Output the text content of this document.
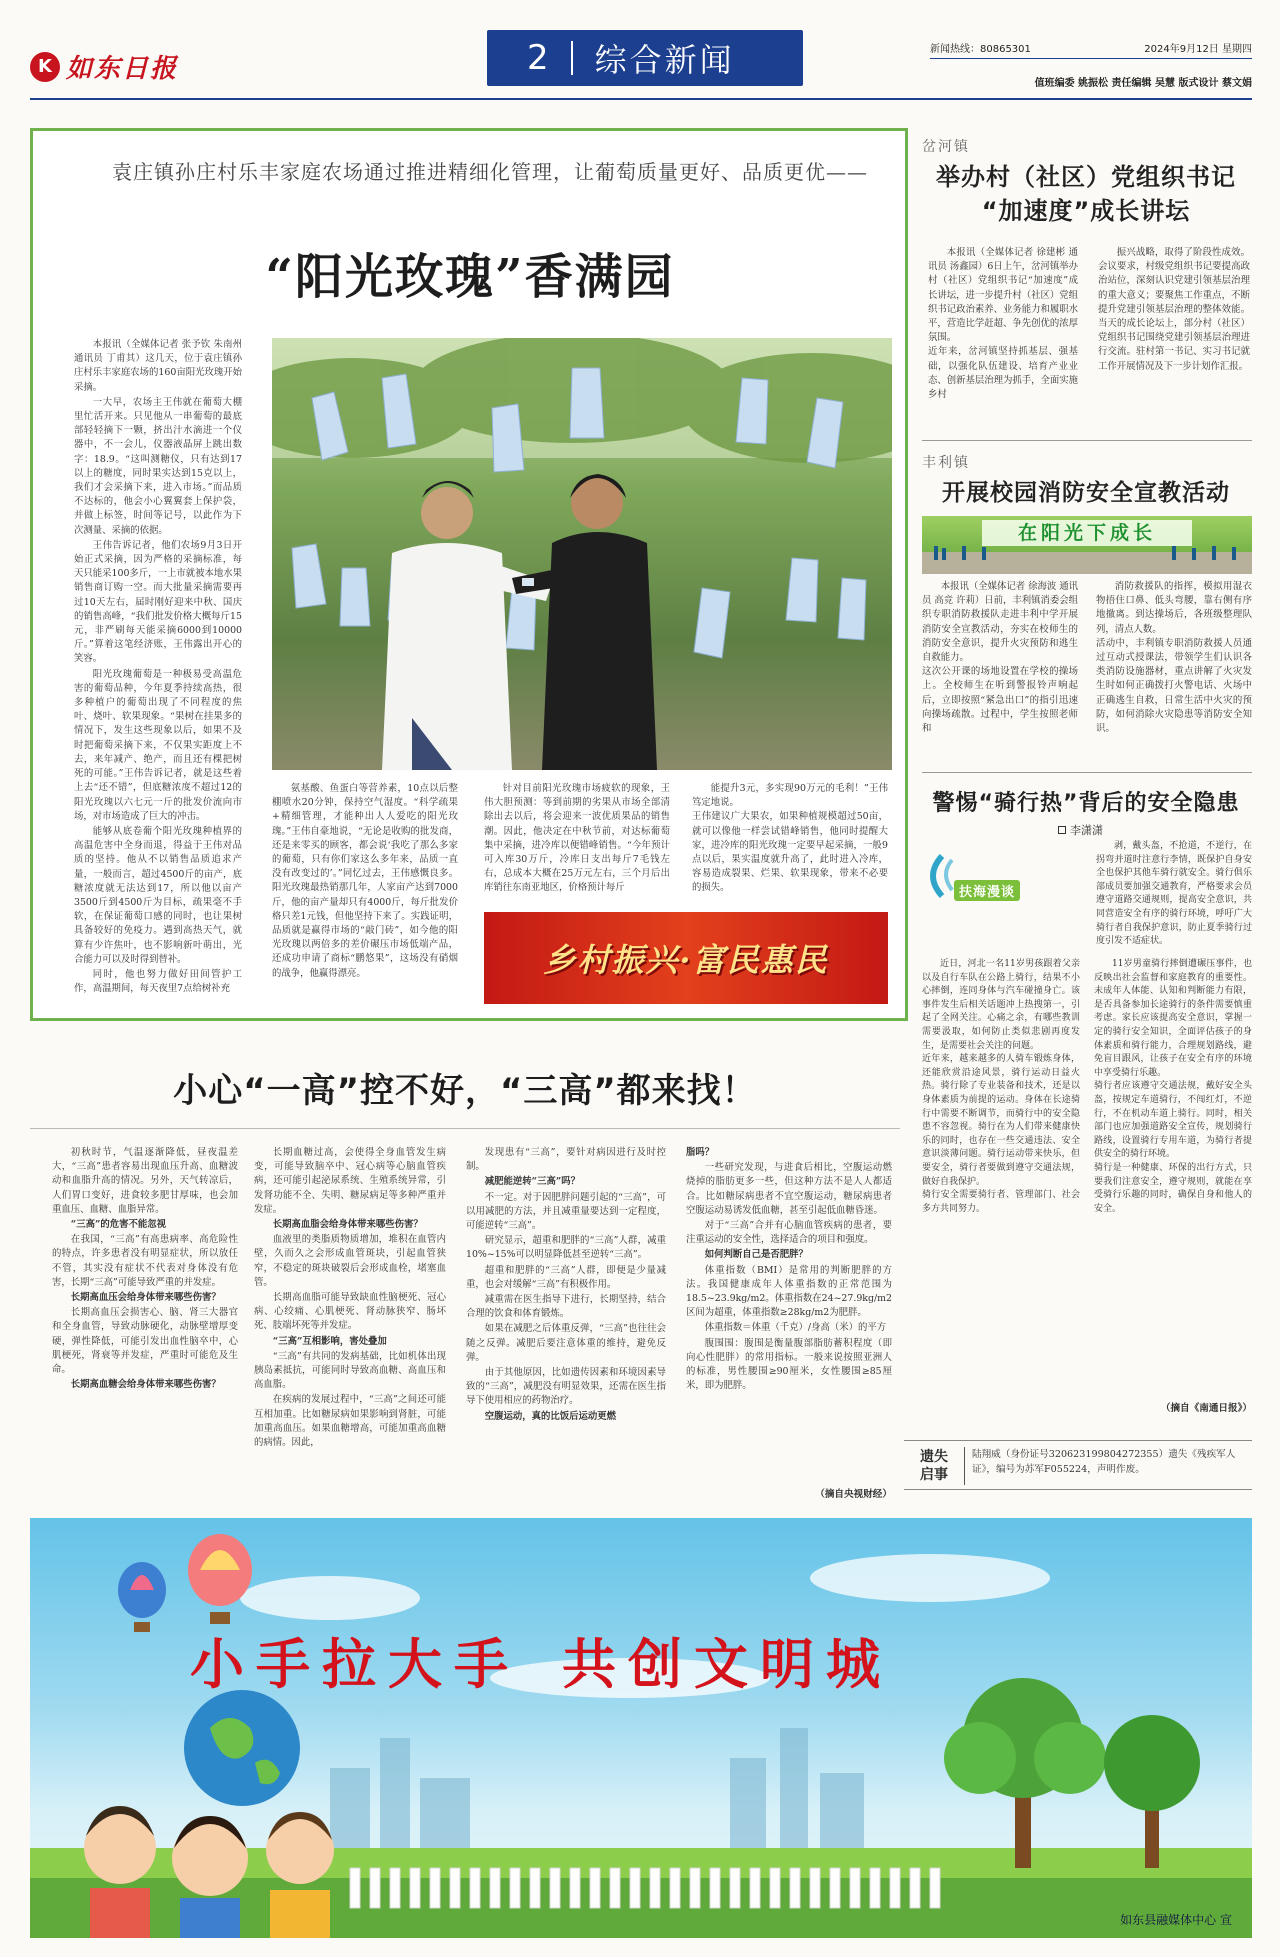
K 如东日报	2 综合新闻	新闻热线：80865301	2024年9月12日 星期四
值班编委 姚振松 责任编辑 吴慧 版式设计 蔡文娟
袁庄镇孙庄村乐丰家庭农场通过推进精细化管理，让葡萄质量更好、品质更优——
“阳光玫瑰”香满园

本报讯（全媒体记者 张予钦 朱南州 通讯员 丁甫其）这几天，位于袁庄镇孙庄村乐丰家庭农场的160亩阳光玫瑰开始采摘。

一大早，农场主王伟就在葡萄大棚里忙活开来。只见他从一串葡萄的最底部轻轻摘下一颗，挤出汁水滴进一个仪器中，不一会儿，仪器液晶屏上跳出数字：18.9。“这叫测糖仪，只有达到17以上的糖度，同时果实达到15克以上，我们才会采摘下来，进入市场。”而品质不达标的，他会小心翼翼套上保护袋，并做上标签，时间等记号，以此作为下次测量、采摘的依据。

王伟告诉记者，他们农场9月3日开始正式采摘，因为严格的采摘标准，每天只能采100多斤，一上市就被本地水果销售商订购一空。而大批量采摘需要再过10天左右，届时刚好迎来中秋、国庆的销售高峰，“我们批发价格大概每斤15元，非严刷每天能采摘6000到10000斤。”算着这笔经济账，王伟露出开心的笑容。

阳光玫瑰葡萄是一种极易受高温危害的葡萄品种，今年夏季持续高热，很多种植户的葡萄出现了不同程度的焦叶、烧叶、软果现象。“果树在挂果多的情况下，发生这些现象以后，如果不及时把葡萄采摘下来，不仅果实距度上不去，来年减产、绝产，而且还有棵把树死的可能。”王伟告诉记者，就是这些着上去“还不错”，但底糖浓度不超过12的阳光玫瑰以六七元一斤的批发价流向市场，对市场造成了巨大的冲击。

能够从底卷葡个阳光玫瑰种植界的高温危害中全身而退，得益于王伟对品质的坚持。他从不以销售品质追求产量，一般而言，超过4500斤的亩产，底糖浓度就无法达到17，所以他以亩产3500斤到4500斤为目标，疏果毫不手软，在保证葡萄口感的同时，也让果树具备较好的免疫力。遇到高热天气，就算有少许焦叶，也不影响新叶萌出，光合能力可以及时得到替补。

同时，他也努力做好田间管护工作，高温期间，每天夜里7点给树补充

氨基酸、鱼蛋白等营养素，10点以后整棚喷水20分钟，保持空气湿度。“科学疏果+精细管理，才能种出人人爱吃的阳光玫瑰。”王伟自豪地说，“无论是收购的批发商，还是来零买的顾客，都会说‘我吃了那么多家的葡萄，只有你们家这么多年来，品质一直没有改变过的’。”同忆过去，王伟感慨良多。阳光玫瑰最热销那几年，人家亩产达到7000斤，他的亩产量却只有4000斤，每斤批发价格只差1元钱，但他坚持下来了。实践证明，品质就是赢得市场的“敲门砖”，如今他的阳光玫瑰以两倍多的差价碾压市场低端产品，还成功申请了商标“鹏悠果”，这场没有硝烟的战争，他赢得漂亮。
针对目前阳光玫瑰市场疲软的现象，王伟大胆预测：等到前期的劣果从市场全部清除出去以后，将会迎来一波优质果品的销售潮。因此，他决定在中秋节前，对达标葡萄集中采摘，进冷库以便错峰销售。“今年预计可入库30万斤，冷库日支出每斤7毛钱左右，总成本大概在25万元左右，三个月后出库销往东南亚地区，价格预计每斤
能提升3元，多实现90万元的毛利！”王伟笃定地说。
王伟建议广大果农，如果种植规模超过50亩，就可以像他一样尝试错峰销售，他同时提醒大家，进冷库的阳光玫瑰一定要早起采摘，一般9点以后，果实温度就升高了，此时进入冷库，容易造成裂果、烂果、软果现象，带来不必要的损失。
乡村振兴·富民惠民
岔河镇
举办村（社区）党组织书记
“加速度”成长讲坛
本报讯（全媒体记者 徐建彬 通讯员 汤鑫园）6日上午，岔河镇举办村（社区）党组织书记“加速度”成长讲坛，进一步提升村（社区）党组织书记政治素养、业务能力和履职水平，营造比学赶超、争先创优的浓厚氛围。
近年来，岔河镇坚持抓基层、强基础，以强化队伍建设、培育产业业态、创新基层治理为抓手，全面实施乡村
振兴战略，取得了阶段性成效。会议要求，村级党组织书记要提高政治站位，深刻认识党建引领基层治理的重大意义；要聚焦工作重点，不断提升党建引领基层治理的整体效能。当天的成长论坛上，部分村（社区）党组织书记围绕党建引领基层治理进行交流。驻村第一书记、实习书记就工作开展情况及下一步计划作汇报。
丰利镇
开展校园消防安全宣教活动
在阳光下成长
本报讯（全媒体记者 徐海波 通讯员 高竞 许莉）日前，丰利镇消委会组织专职消防救援队走进丰利中学开展消防安全宣教活动，夯实在校师生的消防安全意识，提升火灾预防和逃生自救能力。
这次公开课的场地设置在学校的操场上。全校师生在听到警报铃声响起后，立即按照“紧急出口”的指引迅速向操场疏散。过程中，学生按照老师和
消防救援队的指挥，模拟用湿衣物捂住口鼻、低头弯腰，靠右侧有序地撤离。到达操场后，各班级整理队列，清点人数。
活动中，丰利镇专职消防救援人员通过互动式授课法，带领学生们认识各类消防设施器材，重点讲解了火灾发生时如何正确拨打火警电话、火场中正确逃生自救，日常生活中火灾的预防，如何消除火灾隐患等消防安全知识。
警惕“骑行热”背后的安全隐患
李潇潇
扶海漫谈
剥，戴头盔，不抢道，不逆行，在拐弯并道时注意行李情，既保护自身安全也保护其他车骑行就安全。骑行俱乐部成员要加强交通教育，严格要求会员遵守道路交通规则，提高安全意识，共同营造安全有序的骑行环境，呼吁广大骑行者自我保护意识，防止夏季骑行过度引发不适症状。
近日，河北一名11岁男孩跟着父亲以及自行车队在公路上骑行，结果不小心摔倒，连同身体与汽车碰撞身亡。该事件发生后相关话题冲上热搜第一，引起了全网关注。心痛之余，有哪些教训需要汲取，如何防止类似悲剧再度发生，是需要社会关注的问题。
近年来，越来越多的人骑车锻炼身体，还能欣赏沿途风景，骑行运动日益火热。骑行除了专业装备和技术，还是以身体素质为前提的运动。身体在长途骑行中需要不断调节，而骑行中的安全隐患不容忽视。骑行在为人们带来健康快乐的同时，也存在一些交通违法、安全意识淡薄问题。骑行运动带来快乐，但要安全，骑行者要做到遵守交通法规，做好自我保护。
骑行安全需要骑行者、管理部门、社会多方共同努力。
11岁男童骑行摔倒遭碾压事件，也反映出社会监督和家庭教育的重要性。未成年人体能、认知和判断能力有限，是否具备参加长途骑行的条件需要慎重考虑。家长应该提高安全意识，掌握一定的骑行安全知识，全面评估孩子的身体素质和骑行能力，合理规划路线，避免盲目跟风，让孩子在安全有序的环境中享受骑行乐趣。
骑行者应该遵守交通法规，戴好安全头盔，按规定车道骑行，不闯红灯，不逆行，不在机动车道上骑行。同时，相关部门也应加强道路安全宣传，规划骑行路线，设置骑行专用车道，为骑行者提供安全的骑行环境。
骑行是一种健康、环保的出行方式，只要我们注意安全，遵守规则，就能在享受骑行乐趣的同时，确保自身和他人的安全。
（摘自《南通日报》）
遗失
启事
陆翔威（身份证号320623199804272355）遗失《残疾军人证》，编号为苏军F055224，声明作废。
小心“一高”控不好，“三高”都来找！

初秋时节，气温逐渐降低，昼夜温差大，“三高”患者容易出现血压升高、血糖波动和血脂升高的情况。另外，天气转凉后，人们胃口变好，进食较多肥甘厚味，也会加重血压、血糖、血脂异常。

“三高”的危害不能忽视

在我国，“三高”有高患病率、高危险性的特点，许多患者没有明显症状，所以放任不管，其实没有症状不代表对身体没有危害，长期“三高”可能导致严重的并发症。

长期高血压会给身体带来哪些伤害？

长期高血压会损害心、脑、肾三大器官和全身血管，导致动脉硬化，动脉壁增厚变硬，弹性降低，可能引发出血性脑卒中，心肌梗死，肾衰等并发症，严重时可能危及生命。

长期高血糖会给身体带来哪些伤害？

长期血糖过高，会使得全身血管发生病变，可能导致脑卒中、冠心病等心脑血管疾病，还可能引起泌尿系统、生殖系统异常，引发肾功能不全、失明、糖尿病足等多种严重并发症。

长期高血脂会给身体带来哪些伤害？

血液里的类脂质物质增加，堆积在血管内壁，久而久之会形成血管斑块，引起血管狭窄，不稳定的斑块破裂后会形成血栓，堵塞血管。

长期高血脂可能导致缺血性脑梗死、冠心病、心绞痛、心肌梗死、肾动脉狭窄、肠坏死、肢端坏死等并发症。

“三高”互相影响，害处叠加

“三高”有共同的发病基础，比如机体出现胰岛素抵抗，可能同时导致高血糖、高血压和高血脂。

在疾病的发展过程中，“三高”之间还可能互相加重。比如糖尿病如果影响到肾脏，可能加重高血压。如果血糖增高，可能加重高血糖的病情。因此，

发现患有“三高”，要针对病因进行及时控制。

减肥能逆转“三高”吗？

不一定。对于因肥胖问题引起的“三高”，可以用减肥的方法，并且减重量要达到一定程度，可能逆转“三高”。

研究显示，超重和肥胖的“三高”人群，减重10%~15%可以明显降低甚至逆转“三高”。

超重和肥胖的“三高”人群，即便是少量减重，也会对缓解“三高”有积极作用。

减重需在医生指导下进行，长期坚持，结合合理的饮食和体育锻炼。

如果在减肥之后体重反弹，“三高”也往往会随之反弹。减肥后要注意体重的维持，避免反弹。

由于其他原因，比如遗传因素和环境因素导致的“三高”，减肥没有明显效果，还需在医生指导下使用相应的药物治疗。

空腹运动，真的比饭后运动更燃

脂吗？

一些研究发现，与进食后相比，空腹运动燃烧掉的脂肪更多一些，但这种方法不是人人都适合。比如糖尿病患者不宜空腹运动，糖尿病患者空腹运动易诱发低血糖，甚至引起低血糖昏迷。

对于“三高”合并有心脑血管疾病的患者，要注重运动的安全性，选择适合的项目和强度。

如何判断自己是否肥胖？

体重指数（BMI）是常用的判断肥胖的方法。我国健康成年人体重指数的正常范围为18.5~23.9kg/m2。体重指数在24~27.9kg/m2区间为超重，体重指数≥28kg/m2为肥胖。

体重指数＝体重（千克）/身高（米）的平方

腹围围：腹围是衡量腹部脂肪蓄积程度（即向心性肥胖）的常用指标。一般来说按照亚洲人的标准，男性腰围≥90厘米，女性腰围≥85厘米，即为肥胖。

（摘自央视财经）
小手拉大手 共创文明城
如东县融媒体中心 宣
